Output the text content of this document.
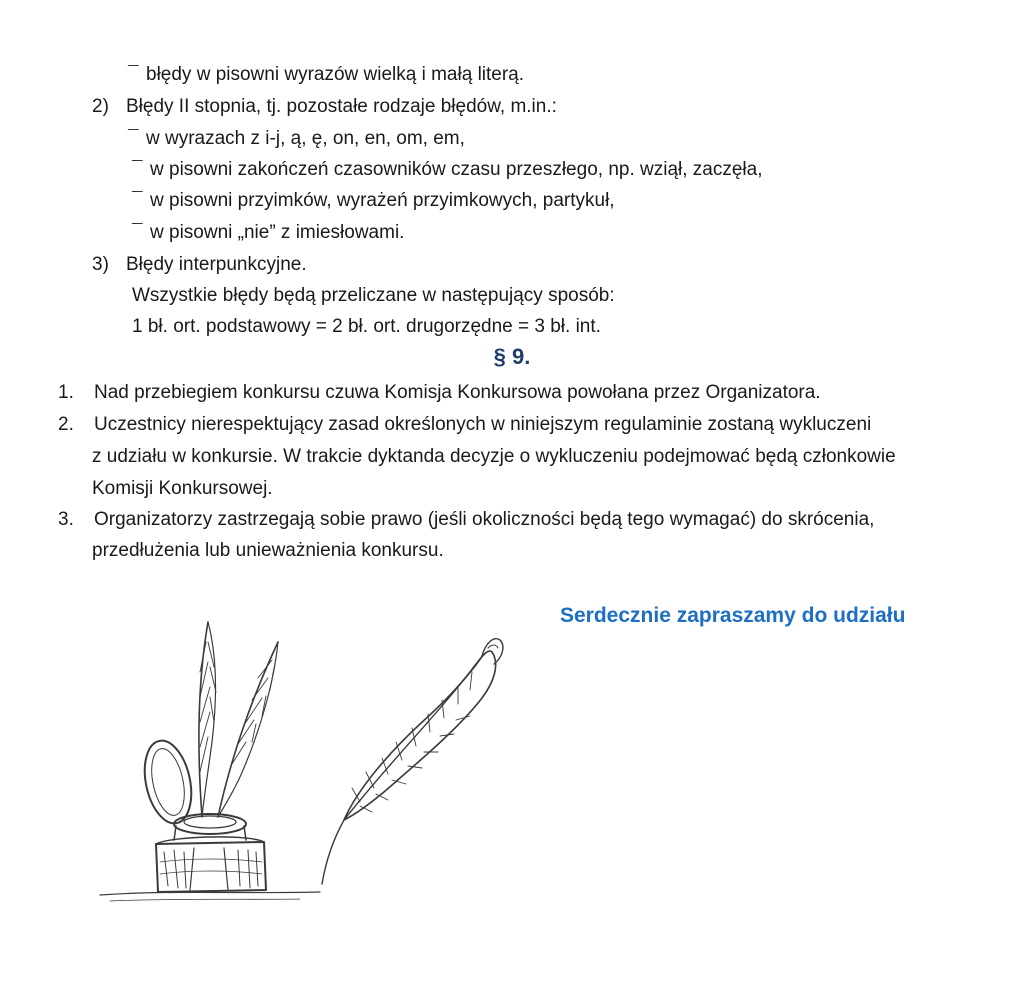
¯ błędy w pisowni wyrazów wielką i małą literą.
2) Błędy II stopnia, tj. pozostałe rodzaje błędów, m.in.:
¯ w wyrazach z i-j, ą, ę, on, en, om, em,
¯ w pisowni zakończeń czasowników czasu przeszłego, np. wziął, zaczęła,
¯ w pisowni przyimków, wyrażeń przyimkowych, partykuł,
¯ w pisowni „nie” z imiesłowami.
3) Błędy interpunkcyjne.
Wszystkie błędy będą przeliczane w następujący sposób:
1 bł. ort. podstawowy = 2 bł. ort. drugorzędne = 3 bł. int.
§ 9.
1. Nad przebiegiem konkursu czuwa Komisja Konkursowa powołana przez Organizatora.
2. Uczestnicy nierespektujący zasad określonych w niniejszym regulaminie zostaną wykluczeni
z udziału w konkursie. W trakcie dyktanda decyzje o wykluczeniu podejmować będą członkowie
Komisji Konkursowej.
3. Organizatorzy zastrzegają sobie prawo (jeśli okoliczności będą tego wymagać) do skrócenia,
przedłużenia lub unieważnienia konkursu.
Serdecznie zapraszamy do udziału
